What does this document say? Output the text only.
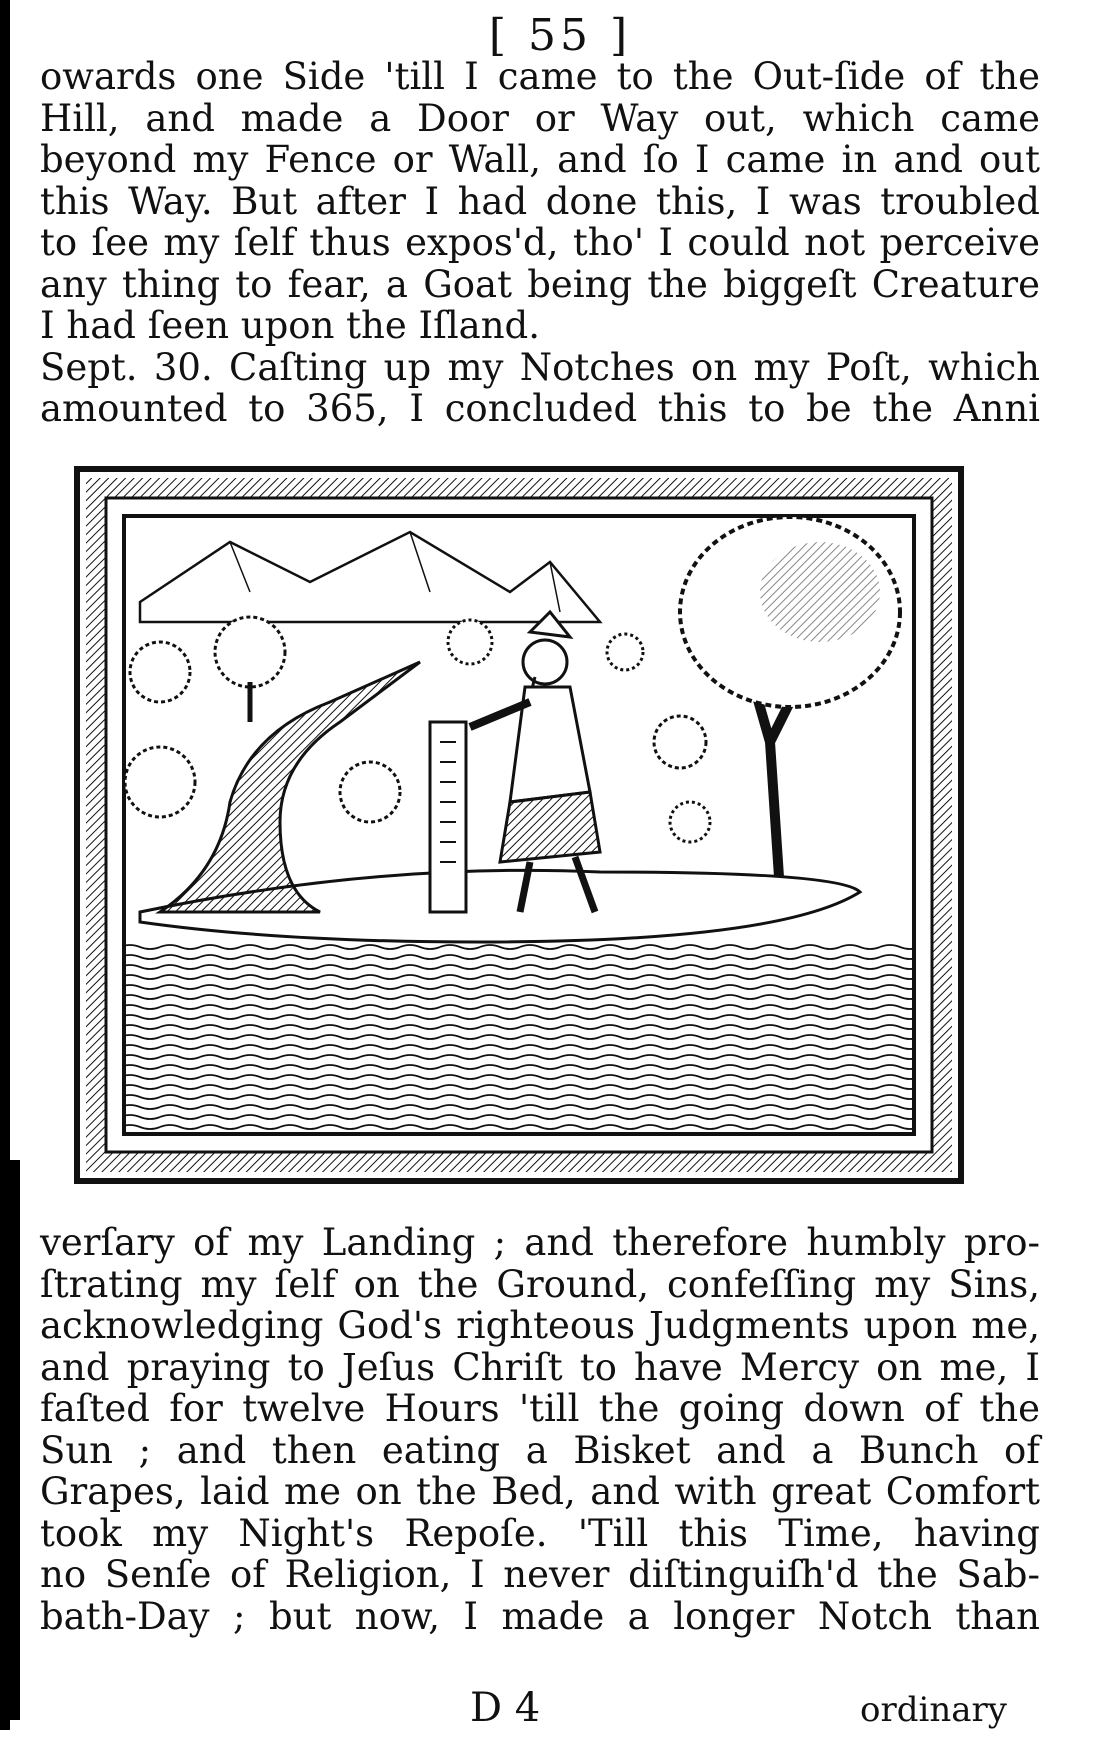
[ 55 ]
owards one Side 'till I came to the Out-ſide of the
Hill, and made a Door or Way out, which came
beyond my Fence or Wall, and ſo I came in and out
this Way. But after I had done this, I was troubled
to ſee my ſelf thus expos'd, tho' I could not perceive
any thing to fear, a Goat being the biggeſt Creature
I had ſeen upon the Iſland.
Sept. 30. Caſting up my Notches on my Poſt, which
amounted to 365, I concluded this to be the Anni
verſary of my Landing ; and therefore humbly pro-
ſtrating my ſelf on the Ground, confeſſing my Sins,
acknowledging God's righteous Judgments upon me,
and praying to Jeſus Chriſt to have Mercy on me, I
faſted for twelve Hours 'till the going down of the
Sun ; and then eating a Bisket and a Bunch of
Grapes, laid me on the Bed, and with great Comfort
took my Night's Repoſe. 'Till this Time, having
no Senſe of Religion, I never diſtinguiſh'd the Sab-
bath-Day ; but now, I made a longer Notch than
D 4	ordinary
